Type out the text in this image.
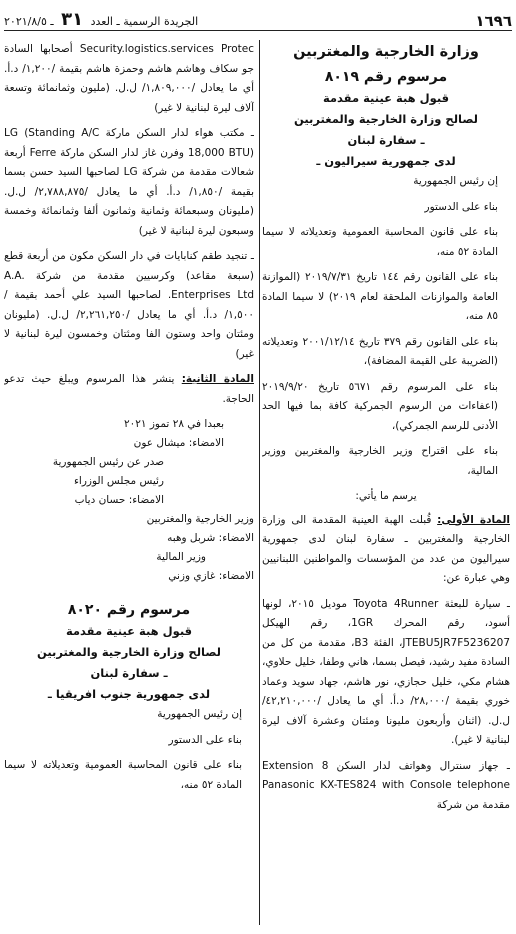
١٦٩٦
الجريدة الرسمية ـ العدد ٣١ ـ ٢٠٢١/٨/٥
وزارة الخارجية والمغتربين
مرسوم رقم ٨٠١٩
قبول هبة عينية مقدمة
لصالح وزارة الخارجية والمغتربين
ـ سفارة لبنان
لدى جمهورية سيراليون ـ

إن رئيس الجمهورية

بناء على الدستور

بناء على قانون المحاسبة العمومية وتعديلاته لا سيما المادة ٥٢ منه،

بناء على القانون رقم ١٤٤ تاريخ ٢٠١٩/٧/٣١ (الموازنة العامة والموازنات الملحقة لعام ٢٠١٩) لا سيما المادة ٨٥ منه،

بناء على القانون رقم ٣٧٩ تاريخ ٢٠٠١/١٢/١٤ وتعديلاته (الضريبة على القيمة المضافة)،

بناء على المرسوم رقم ٥٦٧١ تاريخ ٢٠١٩/٩/٢٠ (اعفاءات من الرسوم الجمركية كافة بما فيها الحد الأدنى للرسم الجمركي)،

بناء على اقتراح وزير الخارجية والمغتربين ووزير المالية،

يرسم ما يأتي:

المادة الأولى: قُبلت الهبة العينية المقدمة الى وزارة الخارجية والمغتربين ـ سفارة لبنان لدى جمهورية سيراليون من عدد من المؤسسات والمواطنين اللبنانيين وهي عبارة عن:

ـ سيارة للبعثة Toyota 4Runner موديل ٢٠١٥، لونها أسود، رقم المحرك 1GR، رقم الهيكل JTEBU5JR7F5236207، الفئة B3، مقدمة من كل من السادة مفيد رشيد، فيصل بسما، هاني وطفا، خليل حلاوي، هشام مكي، خليل حجازي، نور هاشم، جهاد سويد وعماد خوري بقيمة /٢٨,٠٠٠/ د.أ. أي ما يعادل /٤٢,٢١٠,٠٠٠/ ل.ل. (اثنان وأربعون مليونا ومئتان وعشرة آلاف ليرة لبنانية لا غير).

ـ جهاز سنترال وهواتف لدار السكن 8 Extension Panasonic KX-TES824 with Console telephone مقدمة من شركة

Security.logistics.services Protec أصحابها السادة جو سكاف وهاشم هاشم وحمزة هاشم بقيمة /١,٢٠٠/ د.أ. أي ما يعادل /١,٨٠٩,٠٠٠/ ل.ل. (مليون وثمانمائة وتسعة آلاف ليرة لبنانية لا غير)

ـ مكتب هواء لدار السكن ماركة LG (Standing A/C 18,000 BTU) وفرن غاز لدار السكن ماركة Ferre أربعة شعالات مقدمة من شركة LG لصاحبها السيد حسن بسما بقيمة /١,٨٥٠/ د.أ. أي ما يعادل /٢,٧٨٨,٨٧٥/ ل.ل. (مليونان وسبعمائة وثمانية وثمانون ألفا وثمانمائة وخمسة وسبعون ليرة لبنانية لا غير)

ـ تنجيد طقم كنابايات في دار السكن مكون من أربعة قطع (سبعة مقاعد) وكرسيين مقدمة من شركة A.A. Enterprises Ltd. لصاحبها السيد علي أحمد بقيمة /١,٥٠٠/ د.أ. أي ما يعادل /٢,٢٦١,٢٥٠/ ل.ل. (مليونان ومئتان واحد وستون الفا ومئتان وخمسون ليرة لبنانية لا غير)

المادة الثانية: ينشر هذا المرسوم ويبلغ حيث تدعو الحاجة.

بعبدا في ٢٨ تموز ٢٠٢١

الامضاء: ميشال عون

صدر عن رئيس الجمهورية

رئيس مجلس الوزراء

الامضاء: حسان دياب

وزير الخارجية والمغتربين

الامضاء: شربل وهبه

وزير المالية

الامضاء: غازي وزني

مرسوم رقم ٨٠٢٠
قبول هبة عينية مقدمة
لصالح وزارة الخارجية والمغتربين
ـ سفارة لبنان
لدى جمهورية جنوب افريقيا ـ

إن رئيس الجمهورية

بناء على الدستور

بناء على قانون المحاسبة العمومية وتعديلاته لا سيما المادة ٥٢ منه،
